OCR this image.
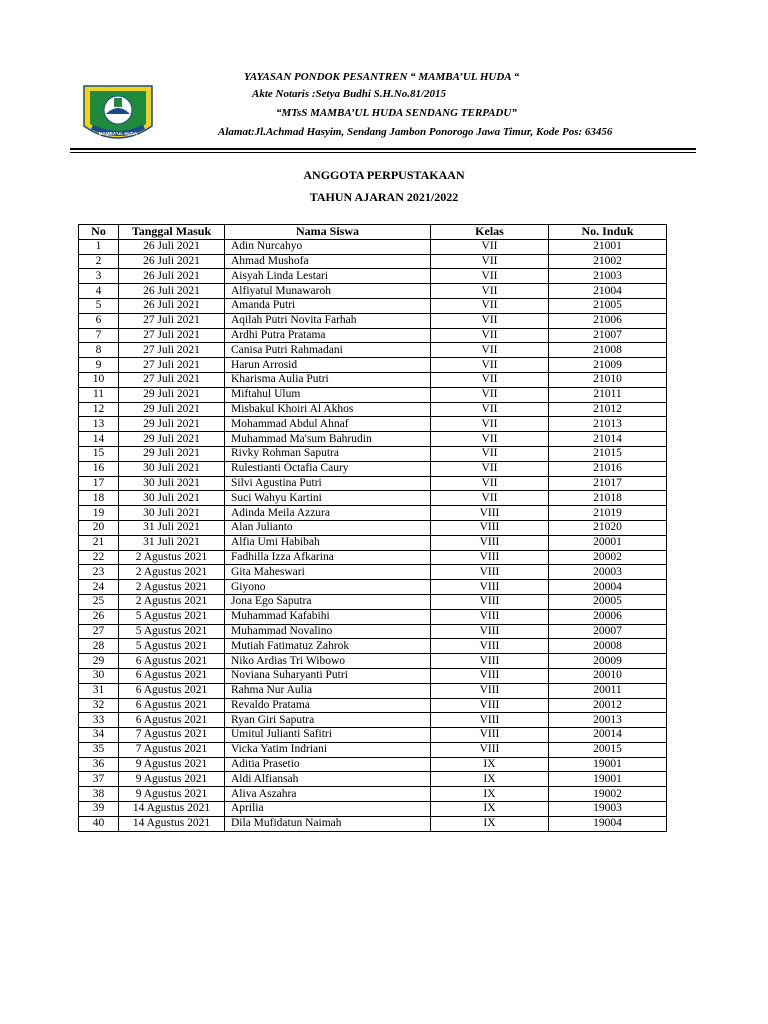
MAMBA'UL HUDA
YAYASAN PONDOK PESANTREN “ MAMBA’UL HUDA “
Akte Notaris :Setya Budhi S.H.No.81/2015
“MTsS MAMBA’UL HUDA SENDANG TERPADU”
Alamat:Jl.Achmad Hasyim, Sendang Jambon Ponorogo Jawa Timur, Kode Pos: 63456
ANGGOTA PERPUSTAKAAN
TAHUN AJARAN 2021/2022
No	Tanggal Masuk	Nama Siswa	Kelas	No. Induk
1	26 Juli 2021	Adin Nurcahyo	VII	21001
2	26 Juli 2021	Ahmad Mushofa	VII	21002
3	26 Juli 2021	Aisyah Linda Lestari	VII	21003
4	26 Juli 2021	Alfiyatul Munawaroh	VII	21004
5	26 Juli 2021	Amanda Putri	VII	21005
6	27 Juli 2021	Aqilah Putri Novita Farhah	VII	21006
7	27 Juli 2021	Ardhi Putra Pratama	VII	21007
8	27 Juli 2021	Canisa Putri Rahmadani	VII	21008
9	27 Juli 2021	Harun Arrosid	VII	21009
10	27 Juli 2021	Kharisma Aulia Putri	VII	21010
11	29 Juli 2021	Miftahul Ulum	VII	21011
12	29 Juli 2021	Misbakul Khoiri Al Akhos	VII	21012
13	29 Juli 2021	Mohammad Abdul Ahnaf	VII	21013
14	29 Juli 2021	Muhammad Ma'sum Bahrudin	VII	21014
15	29 Juli 2021	Rivky Rohman Saputra	VII	21015
16	30 Juli 2021	Rulestianti Octafia Caury	VII	21016
17	30 Juli 2021	Silvi Agustina Putri	VII	21017
18	30 Juli 2021	Suci Wahyu Kartini	VII	21018
19	30 Juli 2021	Adinda Meila Azzura	VIII	21019
20	31 Juli 2021	Alan Julianto	VIII	21020
21	31 Juli 2021	Alfia Umi Habibah	VIII	20001
22	2 Agustus 2021	Fadhilla Izza Afkarina	VIII	20002
23	2 Agustus 2021	Gita Maheswari	VIII	20003
24	2 Agustus 2021	Giyono	VIII	20004
25	2 Agustus 2021	Jona Ego Saputra	VIII	20005
26	5 Agustus 2021	Muhammad Kafabihi	VIII	20006
27	5 Agustus 2021	Muhammad Novalino	VIII	20007
28	5 Agustus 2021	Mutiah Fatimatuz Zahrok	VIII	20008
29	6 Agustus 2021	Niko Ardias Tri Wibowo	VIII	20009
30	6 Agustus 2021	Noviana Suharyanti Putri	VIII	20010
31	6 Agustus 2021	Rahma Nur Aulia	VIII	20011
32	6 Agustus 2021	Revaldo Pratama	VIII	20012
33	6 Agustus 2021	Ryan Giri Saputra	VIII	20013
34	7 Agustus 2021	Umitul Julianti Safitri	VIII	20014
35	7 Agustus 2021	Vicka Yatim Indriani	VIII	20015
36	9 Agustus 2021	Aditia Prasetio	IX	19001
37	9 Agustus 2021	Aldi Alfiansah	IX	19001
38	9 Agustus 2021	Aliva Aszahra	IX	19002
39	14 Agustus 2021	Aprilia	IX	19003
40	14 Agustus 2021	Dila Mufidatun Naimah	IX	19004
